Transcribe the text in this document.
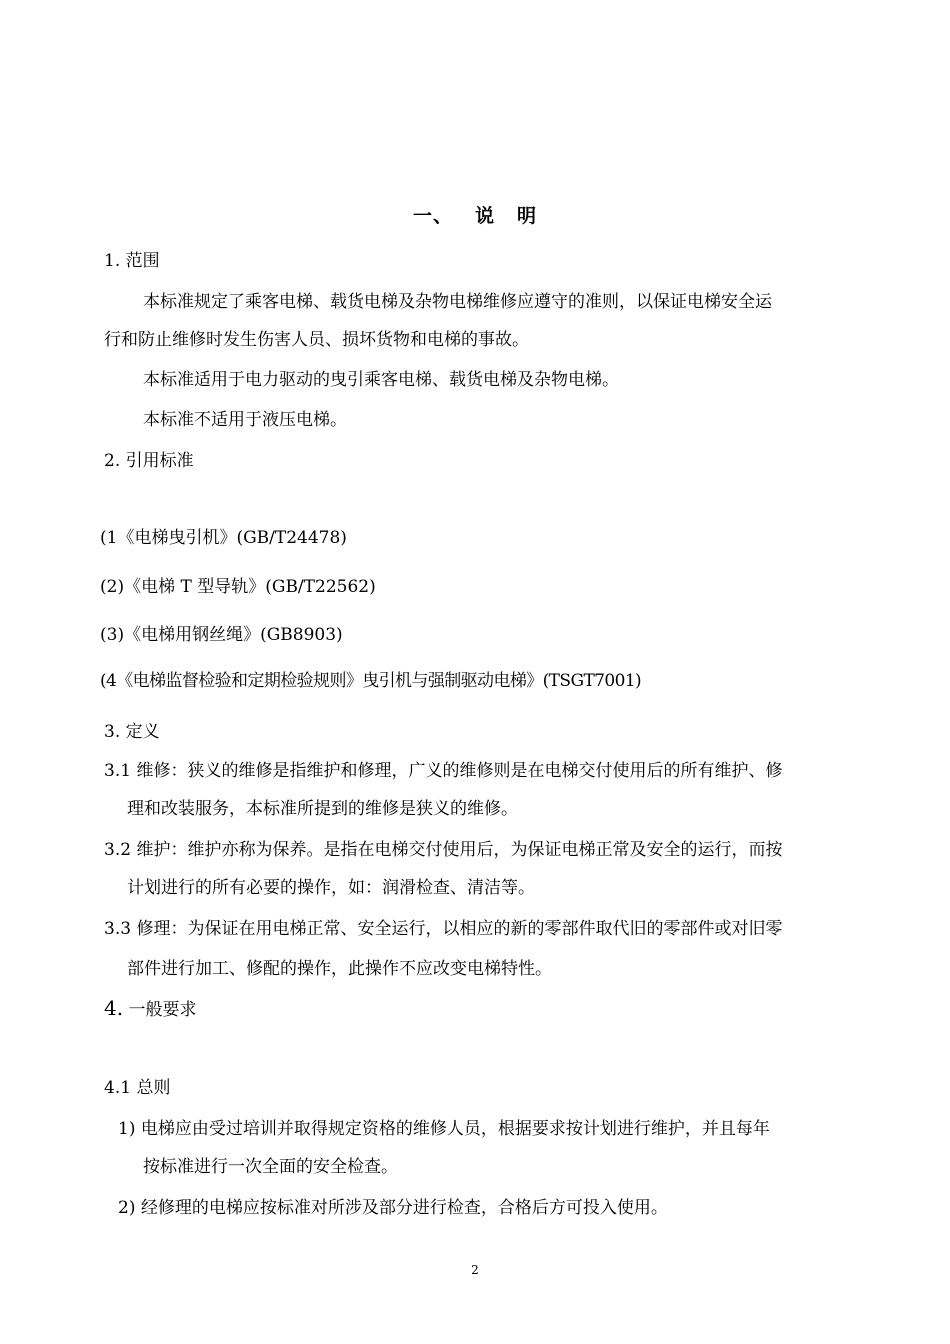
一、 说 明

1. 范围

本标准规定了乘客电梯、载货电梯及杂物电梯维修应遵守的准则，以保证电梯安全运

行和防止维修时发生伤害人员、损坏货物和电梯的事故。

本标准适用于电力驱动的曳引乘客电梯、载货电梯及杂物电梯。

本标准不适用于液压电梯。

2. 引用标准

(1《电梯曳引机》(GB/T24478)

(2)《电梯 T 型导轨》(GB/T22562)

(3)《电梯用钢丝绳》(GB8903)

(4《电梯监督检验和定期检验规则》曳引机与强制驱动电梯》(TSGT7001)

3. 定义

3.1 维修：狭义的维修是指维护和修理，广义的维修则是在电梯交付使用后的所有维护、修

理和改装服务，本标准所提到的维修是狭义的维修。

3.2 维护：维护亦称为保养。是指在电梯交付使用后，为保证电梯正常及安全的运行，而按

计划进行的所有必要的操作，如：润滑检查、清洁等。

3.3 修理：为保证在用电梯正常、安全运行，以相应的新的零部件取代旧的零部件或对旧零

部件进行加工、修配的操作，此操作不应改变电梯特性。

4. 一般要求

4.1 总则

1) 电梯应由受过培训并取得规定资格的维修人员，根据要求按计划进行维护，并且每年

按标准进行一次全面的安全检查。

2) 经修理的电梯应按标准对所涉及部分进行检查，合格后方可投入使用。

2
